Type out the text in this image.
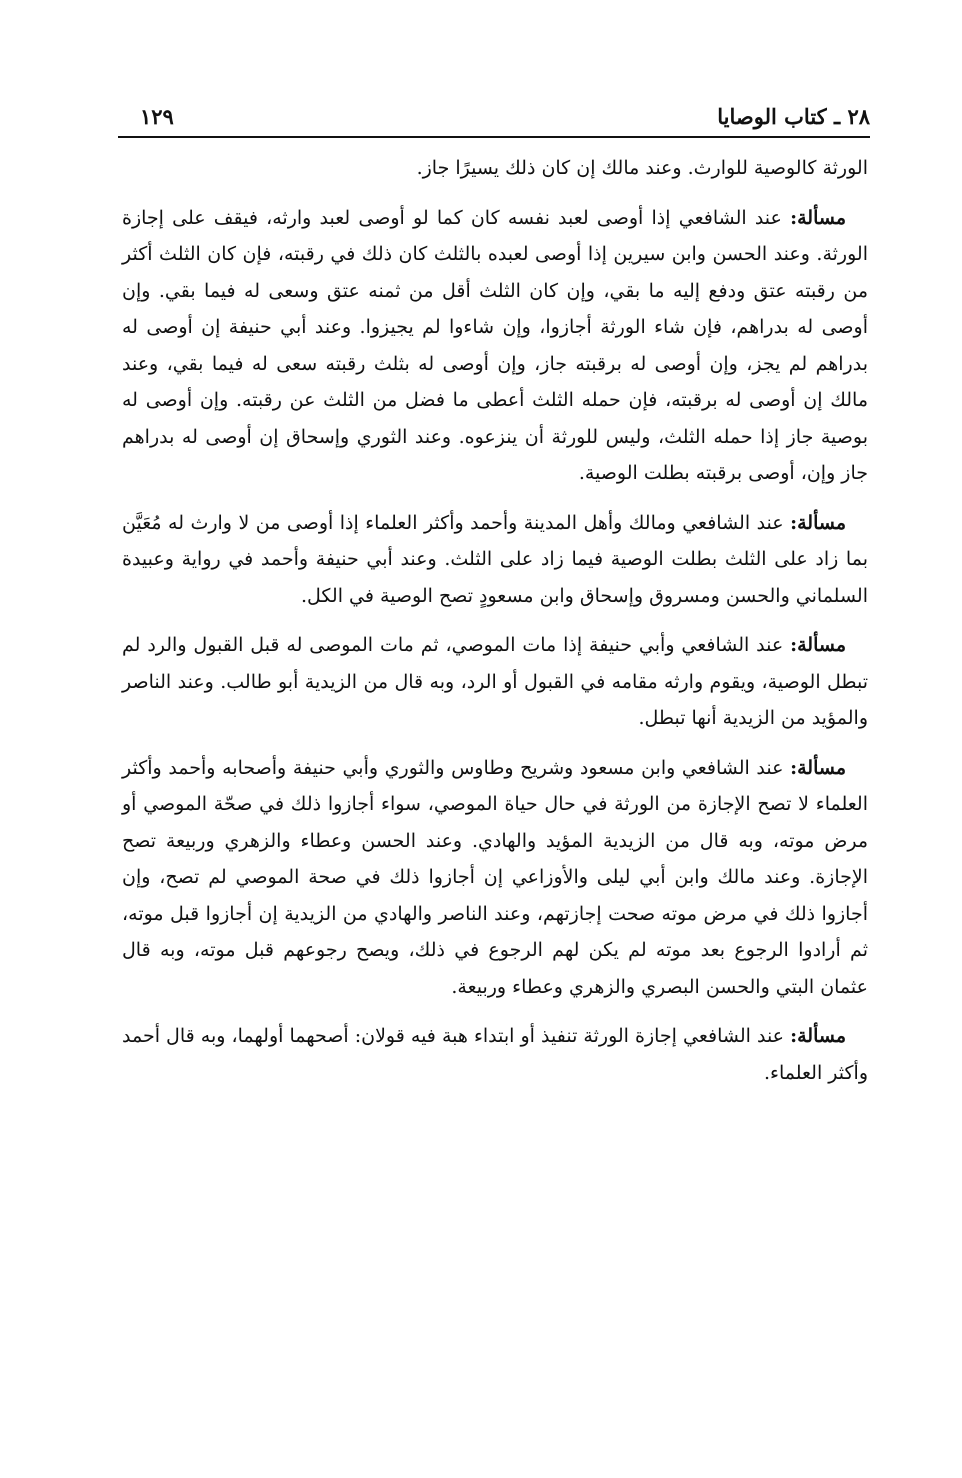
٢٨ ـ كتاب الوصايا
١٢٩

الورثة كالوصية للوارث. وعند مالك إن كان ذلك يسيرًا جاز.

مسألة: عند الشافعي إذا أوصى لعبد نفسه كان كما لو أوصى لعبد وارثه، فيقف على إجازة الورثة. وعند الحسن وابن سيرين إذا أوصى لعبده بالثلث كان ذلك في رقبته، فإن كان الثلث أكثر من رقبته عتق ودفع إليه ما بقي، وإن كان الثلث أقل من ثمنه عتق وسعى له فيما بقي. وإن أوصى له بدراهم، فإن شاء الورثة أجازوا، وإن شاءوا لم يجيزوا. وعند أبي حنيفة إن أوصى له بدراهم لم يجز، وإن أوصى له برقبته جاز، وإن أوصى له بثلث رقبته سعى له فيما بقي، وعند مالك إن أوصى له برقبته، فإن حمله الثلث أعطى ما فضل من الثلث عن رقبته. وإن أوصى له بوصية جاز إذا حمله الثلث، وليس للورثة أن ينزعوه. وعند الثوري وإسحاق إن أوصى له بدراهم جاز وإن، أوصى برقبته بطلت الوصية.

مسألة: عند الشافعي ومالك وأهل المدينة وأحمد وأكثر العلماء إذا أوصى من لا وارث له مُعَيَّن بما زاد على الثلث بطلت الوصية فيما زاد على الثلث. وعند أبي حنيفة وأحمد في رواية وعبيدة السلماني والحسن ومسروق وإسحاق وابن مسعودٍ تصح الوصية في الكل.

مسألة: عند الشافعي وأبي حنيفة إذا مات الموصي، ثم مات الموصى له قبل القبول والرد لم تبطل الوصية، ويقوم وارثه مقامه في القبول أو الرد، وبه قال من الزيدية أبو طالب. وعند الناصر والمؤيد من الزيدية أنها تبطل.

مسألة: عند الشافعي وابن مسعود وشريح وطاوس والثوري وأبي حنيفة وأصحابه وأحمد وأكثر العلماء لا تصح الإجازة من الورثة في حال حياة الموصي، سواء أجازوا ذلك في صحّة الموصي أو مرض موته، وبه قال من الزيدية المؤيد والهادي. وعند الحسن وعطاء والزهري وربيعة تصح الإجازة. وعند مالك وابن أبي ليلى والأوزاعي إن أجازوا ذلك في صحة الموصي لم تصح، وإن أجازوا ذلك في مرض موته صحت إجازتهم، وعند الناصر والهادي من الزيدية إن أجازوا قبل موته، ثم أرادوا الرجوع بعد موته لم يكن لهم الرجوع في ذلك، ويصح رجوعهم قبل موته، وبه قال عثمان البتي والحسن البصري والزهري وعطاء وربيعة.

مسألة: عند الشافعي إجازة الورثة تنفيذ أو ابتداء هبة فيه قولان: أصحهما أولهما، وبه قال أحمد وأكثر العلماء.
